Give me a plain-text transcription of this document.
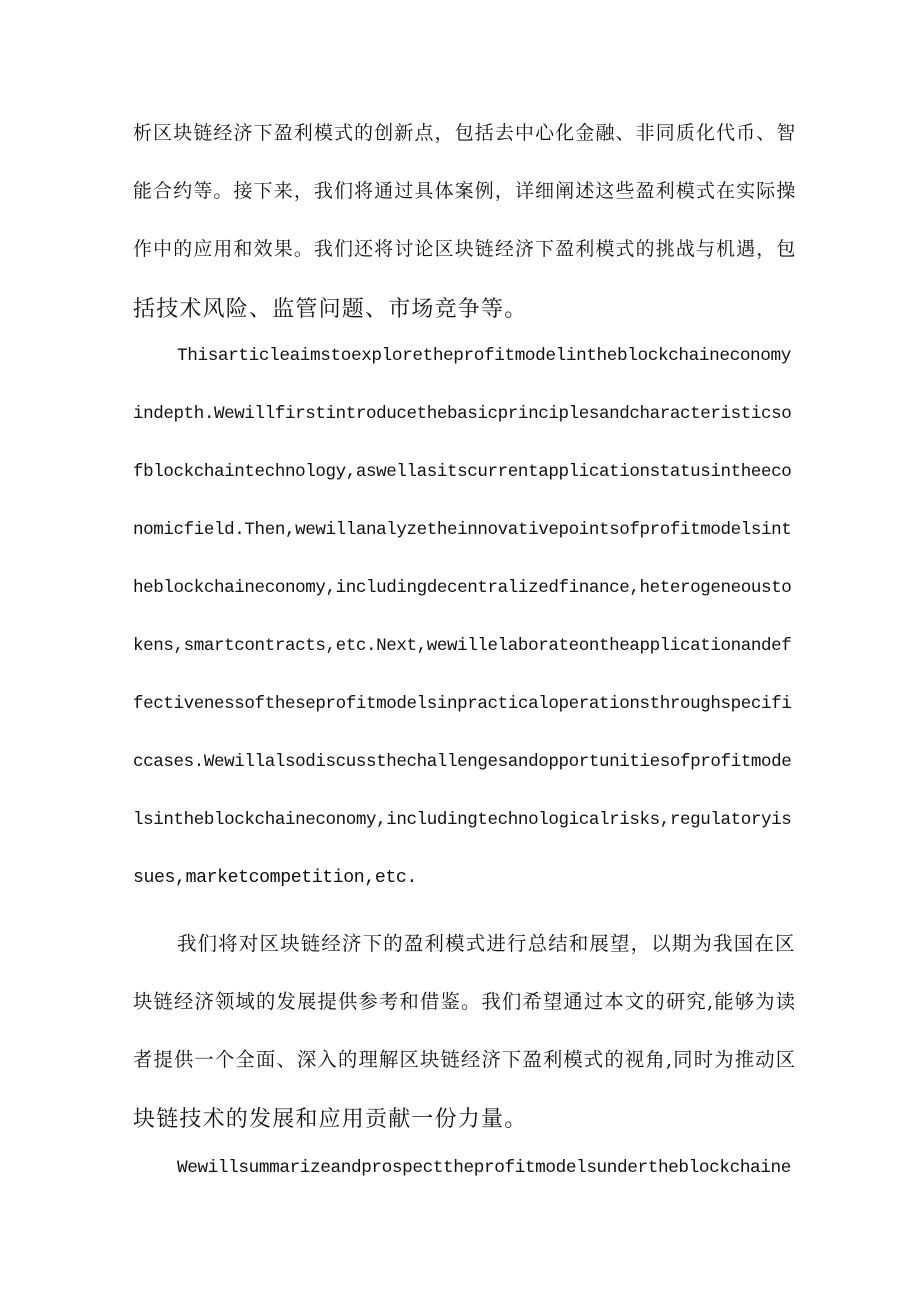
析区块链经济下盈利模式的创新点，包括去中心化金融、非同质化代币、智
能合约等。接下来，我们将通过具体案例，详细阐述这些盈利模式在实际操
作中的应用和效果。我们还将讨论区块链经济下盈利模式的挑战与机遇，包
括技术风险、监管问题、市场竞争等。
Thisarticleaimstoexploretheprofitmodelintheblockchaineconomy
indepth.Wewillfirstintroducethebasicprinciplesandcharacteristicso
fblockchaintechnology,aswellasitscurrentapplicationstatusintheeco
nomicfield.Then,wewillanalyzetheinnovativepointsofprofitmodelsint
heblockchaineconomy,includingdecentralizedfinance,heterogeneousto
kens,smartcontracts,etc.Next,wewillelaborateontheapplicationandef
fectivenessoftheseprofitmodelsinpracticaloperationsthroughspecifi
ccases.Wewillalsodiscussthechallengesandopportunitiesofprofitmode
lsintheblockchaineconomy,includingtechnologicalrisks,regulatoryis
sues,marketcompetition,etc.
我们将对区块链经济下的盈利模式进行总结和展望，以期为我国在区
块链经济领域的发展提供参考和借鉴。我们希望通过本文的研究,能够为读
者提供一个全面、深入的理解区块链经济下盈利模式的视角,同时为推动区
块链技术的发展和应用贡献一份力量。
Wewillsummarizeandprospecttheprofitmodelsundertheblockchaine
